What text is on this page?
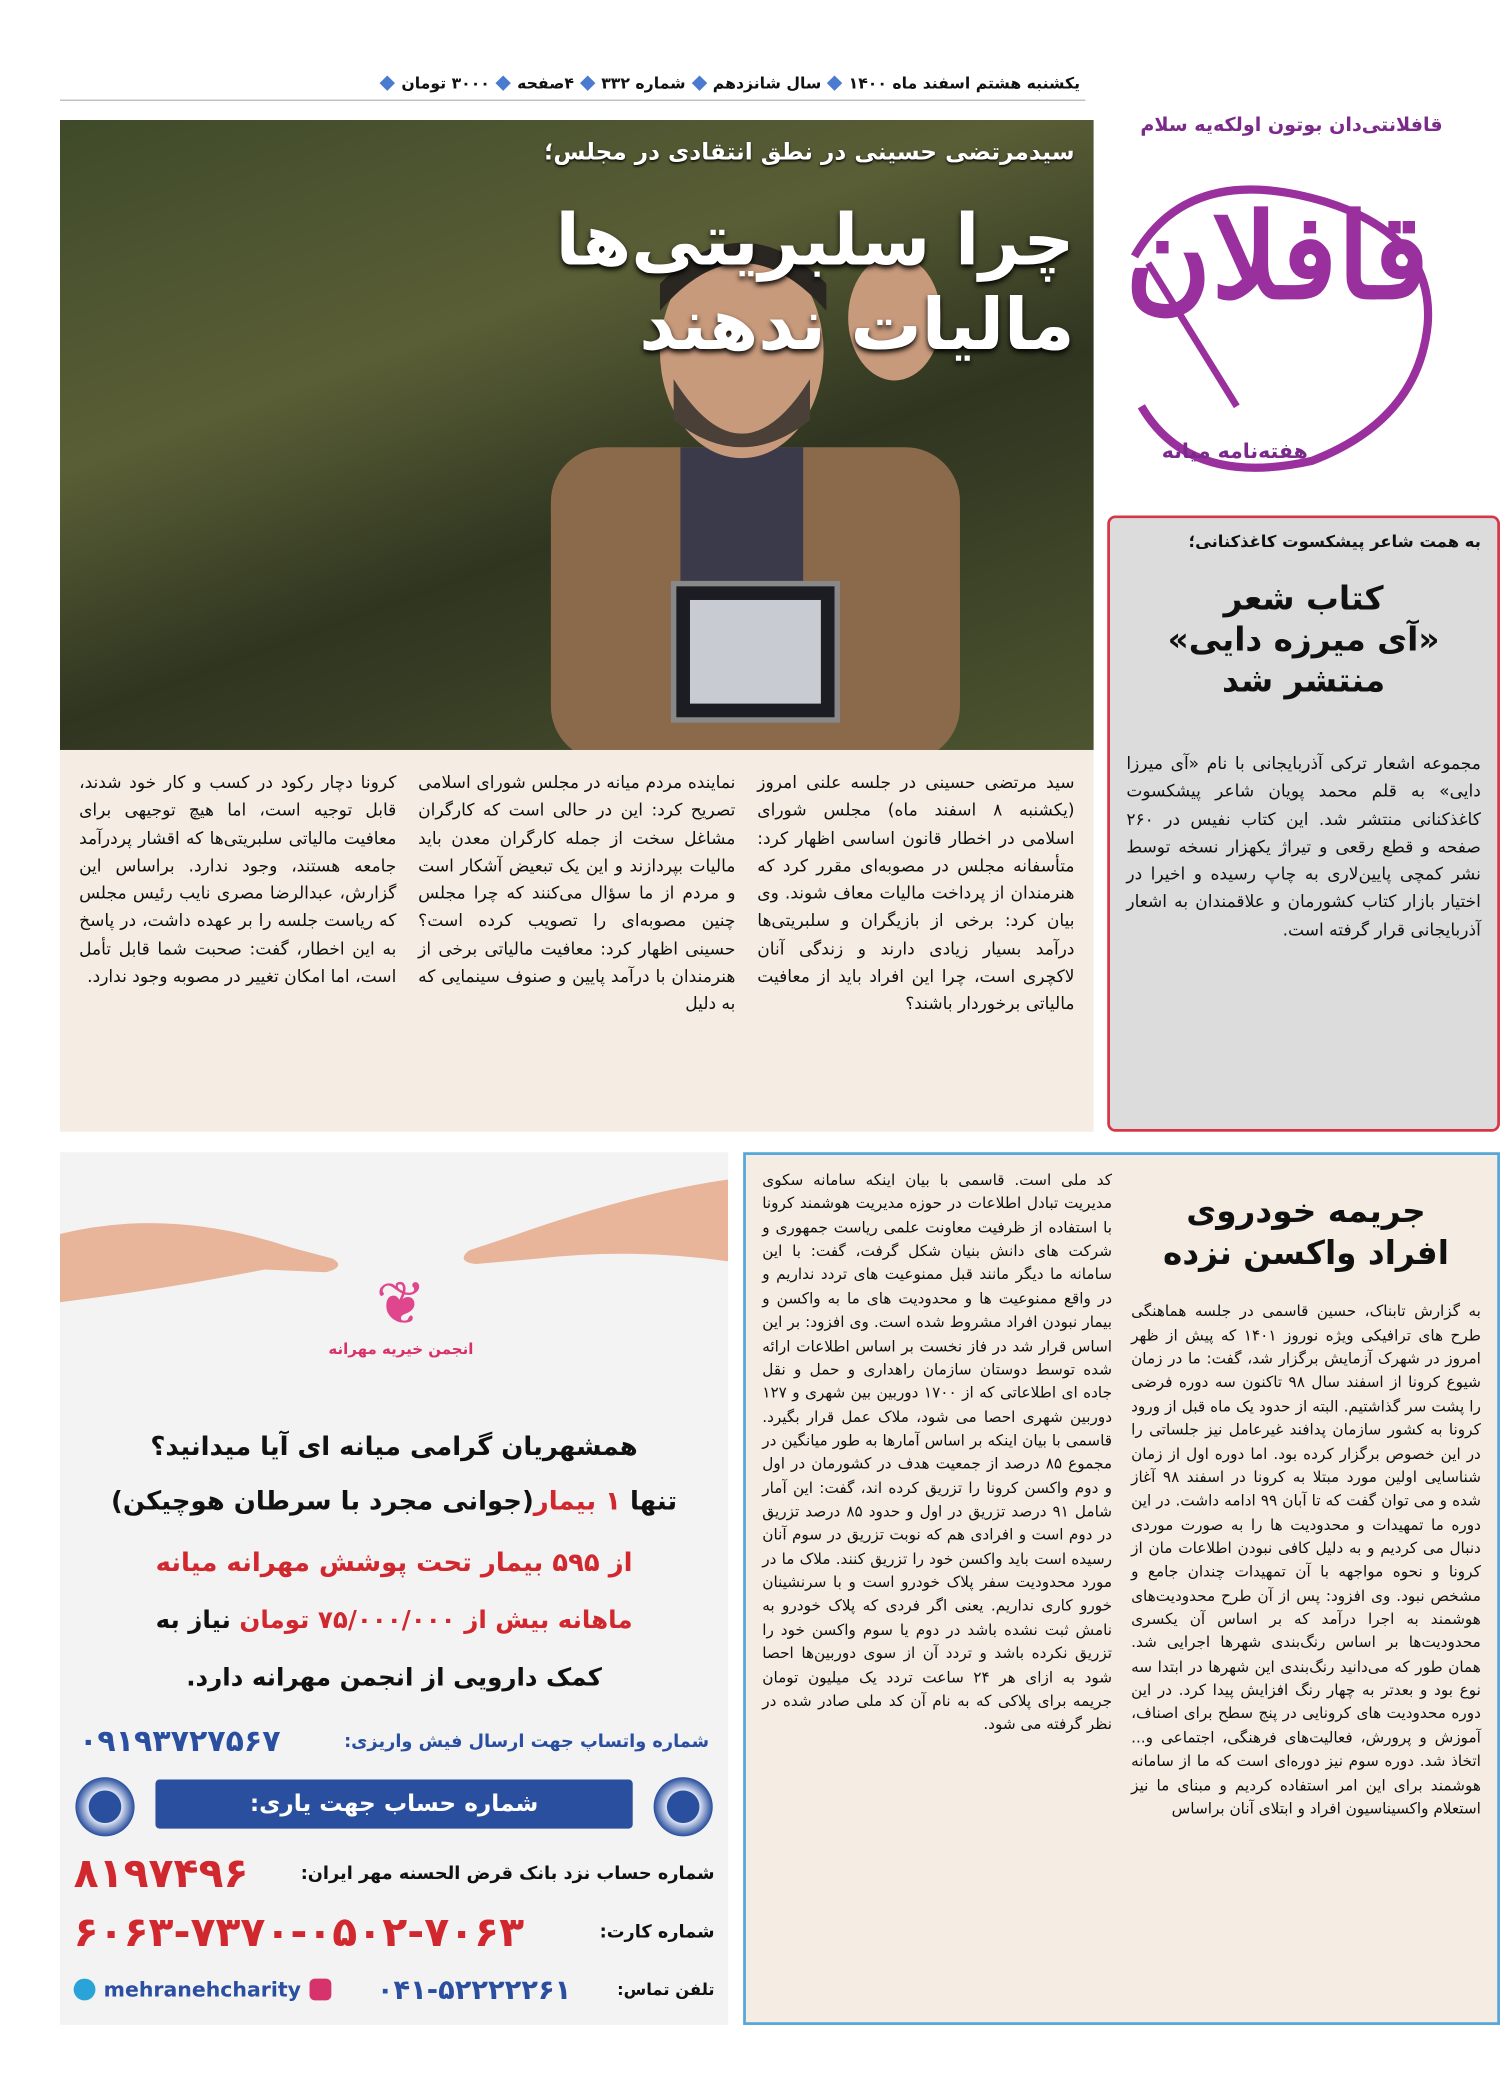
یکشنبه هشتم اسفند ماه ۱۴۰۰
سال شانزدهم
شماره ۳۳۲
۴صفحه
۳۰۰۰ تومان
قافلانتی‌دان بوتون اولکه‌یه سلام
قافلان
هفته‌نامه میانه
سیدمرتضی حسینی در نطق انتقادی در مجلس؛
چرا سلبریتی‌ها
مالیات ندهند
سید مرتضی حسینی در جلسه علنی امروز (یکشنبه ۸ اسفند ماه) مجلس شورای اسلامی در اخطار قانون اساسی اظهار کرد: متأسفانه مجلس در مصوبه‌ای مقرر کرد که هنرمندان از پرداخت مالیات معاف شوند. وی بیان کرد: برخی از بازیگران و سلبریتی‌ها درآمد بسیار زیادی دارند و زندگی آنان لاکچری است، چرا این افراد باید از معافیت مالیاتی برخوردار باشند؟
نماینده مردم میانه در مجلس شورای اسلامی تصریح کرد: این در حالی است که کارگران مشاغل سخت از جمله کارگران معدن باید مالیات بپردازند و این یک تبعیض آشکار است و مردم از ما سؤال می‌کنند که چرا مجلس چنین مصوبه‌ای را تصویب کرده است؟ حسینی اظهار کرد: معافیت مالیاتی برخی از هنرمندان با درآمد پایین و صنوف سینمایی که به دلیل
کرونا دچار رکود در کسب و کار خود شدند، قابل توجیه است، اما هیچ توجیهی برای معافیت مالیاتی سلبریتی‌ها که اقشار پردرآمد جامعه هستند، وجود ندارد. براساس این گزارش، عبدالرضا مصری نایب رئیس مجلس که ریاست جلسه را بر عهده داشت، در پاسخ به این اخطار، گفت: صحبت شما قابل تأمل است، اما امکان تغییر در مصوبه وجود ندارد.
به همت شاعر پیشکسوت کاغذکنانی؛
کتاب شعر
«آی میرزه دایی»
منتشر شد
مجموعه اشعار ترکی آذربایجانی با نام «آی میرزا دایی» به قلم محمد پویان شاعر پیشکسوت کاغذکنانی منتشر شد. این کتاب نفیس در ۲۶۰ صفحه و قطع رقعی و تیراژ یکهزار نسخه توسط نشر کمچی پایین‌لاری به چاپ رسیده و اخیرا در اختیار بازار کتاب کشورمان و علاقمندان به اشعار آذربایجانی قرار گرفته است.
❦
انجمن خیریه مهرانه
همشهریان گرامی میانه ای آیا میدانید؟
تنها ۱ بیمار(جوانی مجرد با سرطان هوچیکن)
از ۵۹۵ بیمار تحت پوشش مهرانه میانه
ماهانه بیش از ۷۵/۰۰۰/۰۰۰ تومان نیاز به
کمک دارویی از انجمن مهرانه دارد.
شماره واتساپ جهت ارسال فیش واریزی:
۰۹۱۹۳۷۲۷۵۶۷
شماره حساب جهت یاری:
شماره حساب نزد بانک قرض الحسنه مهر ایران:
۸۱۹۷۴۹۶
شماره کارت:
۶۰۶۳-۷۳۷۰-۰۵۰۲-۷۰۶۳
تلفن تماس:
۰۴۱-۵۲۲۲۲۲۶۱
mehranehcharity
جریمه خودروی
افراد واکسن نزده
به گزارش تابناک، حسین قاسمی در جلسه هماهنگی طرح های ترافیکی ویژه نوروز ۱۴۰۱ که پیش از ظهر امروز در شهرک آزمایش برگزار شد، گفت: ما در زمان شیوع کرونا از اسفند سال ۹۸ تاکنون سه دوره فرضی را پشت سر گذاشتیم. البته از حدود یک ماه قبل از ورود کرونا به کشور سازمان پدافند غیرعامل نیز جلساتی را در این خصوص برگزار کرده بود. اما دوره اول از زمان شناسایی اولین مورد مبتلا به کرونا در اسفند ۹۸ آغاز شده و می توان گفت که تا آبان ۹۹ ادامه داشت. در این دوره ما تمهیدات و محدودیت ها را به صورت موردی دنبال می کردیم و به دلیل کافی نبودن اطلاعات مان از کرونا و نحوه مواجهه با آن تمهیدات چندان جامع و مشخص نبود. وی افزود: پس از آن طرح محدودیت‌های هوشمند به اجرا درآمد که بر اساس آن یکسری محدودیت‌ها بر اساس رنگ‌بندی شهرها اجرایی شد. همان طور که می‌دانید رنگ‌بندی این شهرها در ابتدا سه نوع بود و بعدتر به چهار رنگ افزایش پیدا کرد. در این دوره محدودیت های کرونایی در پنج سطح برای اصناف، آموزش و پرورش، فعالیت‌های فرهنگی، اجتماعی و... اتخاذ شد. دوره سوم نیز دوره‌ای است که ما از سامانه هوشمند برای این امر استفاده کردیم و مبنای ما نیز استعلام واکسیناسیون افراد و ابتلای آنان براساس
کد ملی است. قاسمی با بیان اینکه سامانه سکوی مدیریت تبادل اطلاعات در حوزه مدیریت هوشمند کرونا با استفاده از ظرفیت معاونت علمی ریاست جمهوری و شرکت های دانش بنیان شکل گرفت، گفت: با این سامانه ما دیگر مانند قبل ممنوعیت های تردد نداریم و در واقع ممنوعیت ها و محدودیت های ما به واکسن و بیمار نبودن افراد مشروط شده است. وی افزود: بر این اساس قرار شد در فاز نخست بر اساس اطلاعات ارائه شده توسط دوستان سازمان راهداری و حمل و نقل جاده ای اطلاعاتی که از ۱۷۰۰ دوربین بین شهری و ۱۲۷ دوربین شهری احصا می شود، ملاک عمل قرار بگیرد. قاسمی با بیان اینکه بر اساس آمارها به طور میانگین در مجموع ۸۵ درصد از جمعیت هدف در کشورمان در اول و دوم واکسن کرونا را تزریق کرده اند، گفت: این آمار شامل ۹۱ درصد تزریق در اول و حدود ۸۵ درصد تزریق در دوم است و افرادی هم که نوبت تزریق در سوم آنان رسیده است باید واکسن خود را تزریق کنند. ملاک ما در مورد محدودیت سفر پلاک خودرو است و با سرنشینان خورو کاری نداریم. یعنی اگر فردی که پلاک خودرو به نامش ثبت نشده باشد در دوم یا سوم واکسن خود را تزریق نکرده باشد و تردد آن از سوی دوربین‌ها احصا شود به ازای هر ۲۴ ساعت تردد یک میلیون تومان جریمه برای پلاکی که به نام آن کد ملی صادر شده در نظر گرفته می شود.
